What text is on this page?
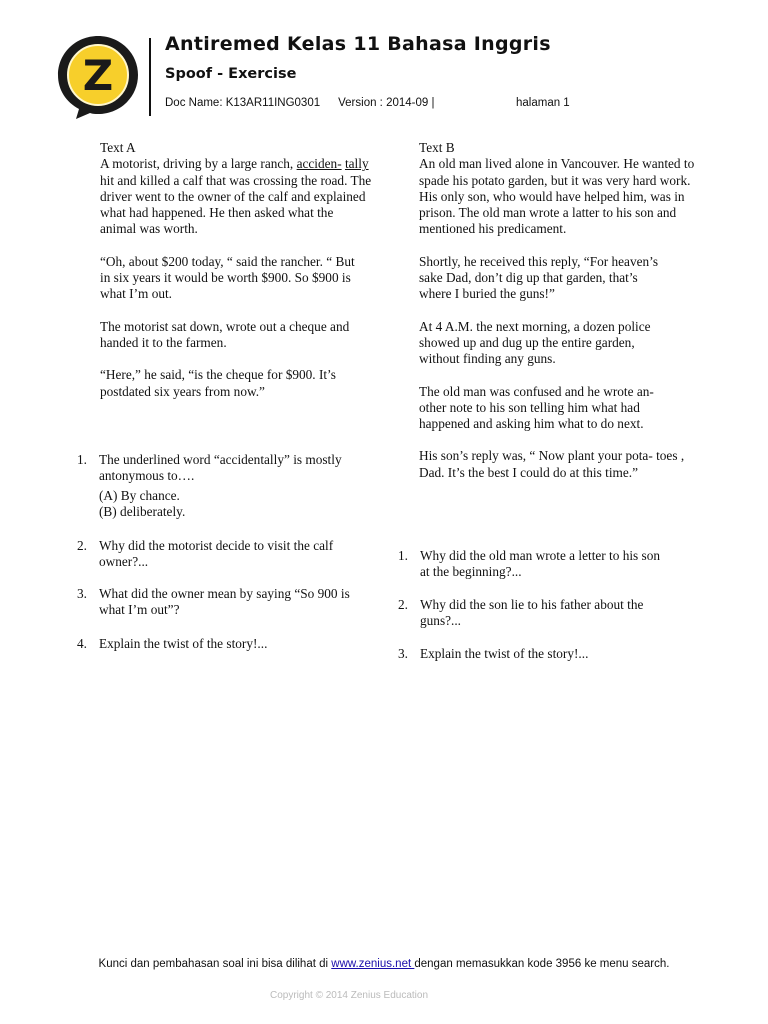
Z
Antiremed Kelas 11 Bahasa Inggris
Spoof - Exercise
Doc Name: K13AR11ING0301 Version : 2014-09 |	halaman 1

Text A

A motorist, driving by a large ranch, acciden- tally hit and killed a calf that was crossing the road. The driver went to the owner of the calf and explained what had happened. He then asked what the animal was worth.

“Oh, about $200 today, “ said the rancher. “ But in six years it would be worth $900. So $900 is what I’m out.

The motorist sat down, wrote out a cheque and handed it to the farmen.

“Here,” he said, “is the cheque for $900. It’s postdated six years from now.”

1. The underlined word “accidentally” is mostly antonymous to….
(A) By chance.
(B) deliberately.
2. Why did the motorist decide to visit the calf owner?...
3. What did the owner mean by saying “So 900 is what I’m out”?
4. Explain the twist of the story!...

Text B

An old man lived alone in Vancouver. He wanted to spade his potato garden, but it was very hard work. His only son, who would have helped him, was in prison. The old man wrote a latter to his son and mentioned his predicament.

Shortly, he received this reply, “For heaven’s sake Dad, don’t dig up that garden, that’s where I buried the guns!”

At 4 A.M. the next morning, a dozen police showed up and dug up the entire garden, without finding any guns.

The old man was confused and he wrote an- other note to his son telling him what had happened and asking him what to do next.

His son’s reply was, “ Now plant your pota- toes , Dad. It’s the best I could do at this time.”

1. Why did the old man wrote a letter to his son at the beginning?...
2. Why did the son lie to his father about the guns?...
3. Explain the twist of the story!...
Kunci dan pembahasan soal ini bisa dilihat di www.zenius.net dengan memasukkan kode 3956 ke menu search.
Copyright © 2014 Zenius Education
